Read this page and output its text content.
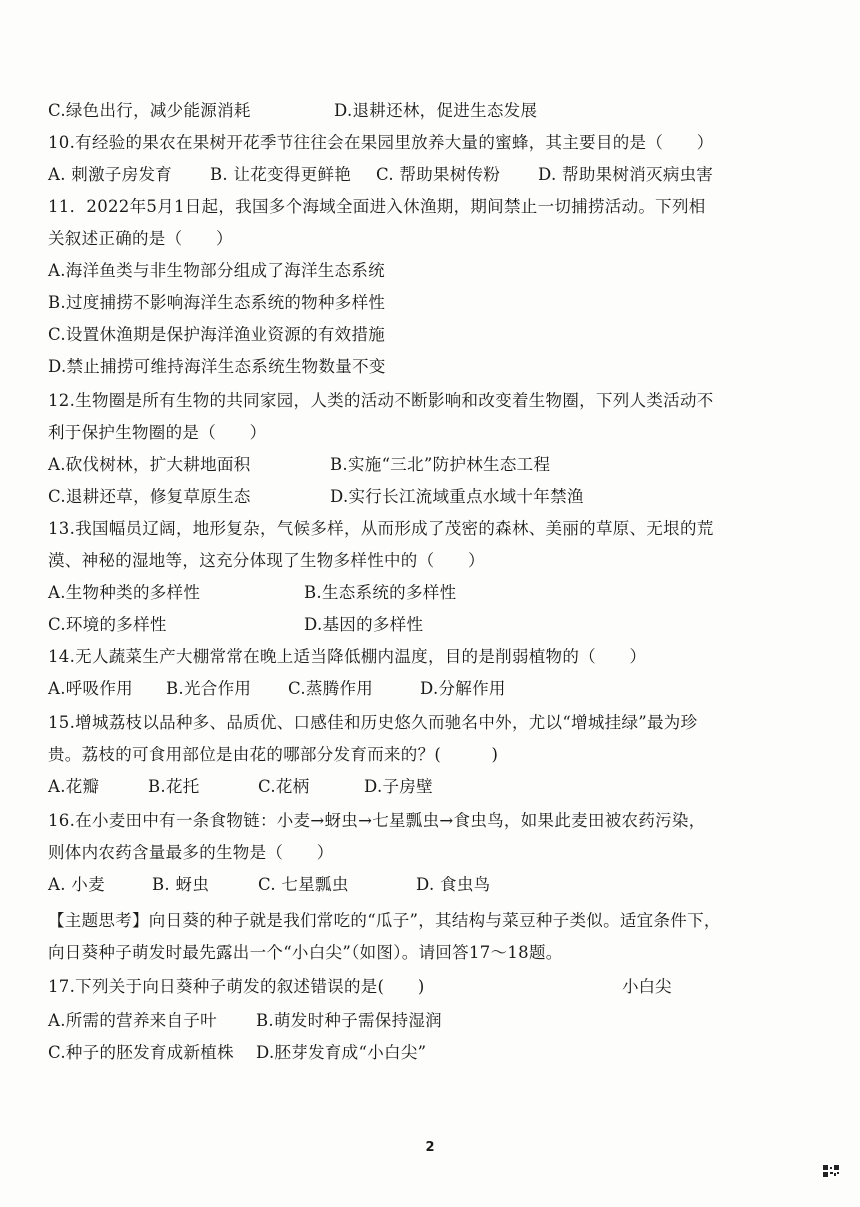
C.绿色出行，减少能源消耗	D.退耕还林，促进生态发展
10.有经验的果农在果树开花季节往往会在果园里放养大量的蜜蜂，其主要目的是（　　）
A. 刺激子房发育 B. 让花变得更鲜艳 C. 帮助果树传粉 D. 帮助果树消灭病虫害
11．2022年5月1日起，我国多个海域全面进入休渔期，期间禁止一切捕捞活动。下列相
关叙述正确的是（　　）
A.海洋鱼类与非生物部分组成了海洋生态系统
B.过度捕捞不影响海洋生态系统的物种多样性
C.设置休渔期是保护海洋渔业资源的有效措施
D.禁止捕捞可维持海洋生态系统生物数量不变
12.生物圈是所有生物的共同家园，人类的活动不断影响和改变着生物圈，下列人类活动不
利于保护生物圈的是（　　）
A.砍伐树林，扩大耕地面积	B.实施“三北”防护林生态工程
C.退耕还草，修复草原生态	D.实行长江流域重点水域十年禁渔
13.我国幅员辽阔，地形复杂，气候多样，从而形成了茂密的森林、美丽的草原、无垠的荒
漠、神秘的湿地等，这充分体现了生物多样性中的（　　）
A.生物种类的多样性	B.生态系统的多样性
C.环境的多样性	D.基因的多样性
14.无人蔬菜生产大棚常常在晚上适当降低棚内温度，目的是削弱植物的（　　）
A.呼吸作用 B.光合作用 C.蒸腾作用	D.分解作用
15.增城荔枝以品种多、品质优、口感佳和历史悠久而驰名中外，尤以“增城挂绿”最为珍
贵。荔枝的可食用部位是由花的哪部分发育而来的？(　　　)
A.花瓣	B.花托	C.花柄	D.子房壁
16.在小麦田中有一条食物链：小麦→蚜虫→七星瓢虫→食虫鸟，如果此麦田被农药污染，
则体内农药含量最多的生物是（　　）
A. 小麦	B. 蚜虫	C. 七星瓢虫	D. 食虫鸟
【主题思考】向日葵的种子就是我们常吃的“瓜子”，其结构与菜豆种子类似。适宜条件下，
向日葵种子萌发时最先露出一个“小白尖”（如图）。请回答17～18题。
17.下列关于向日葵种子萌发的叙述错误的是(　　)	小白尖
A.所需的营养来自子叶 B.萌发时种子需保持湿润
C.种子的胚发育成新植株 D.胚芽发育成“小白尖”
2
